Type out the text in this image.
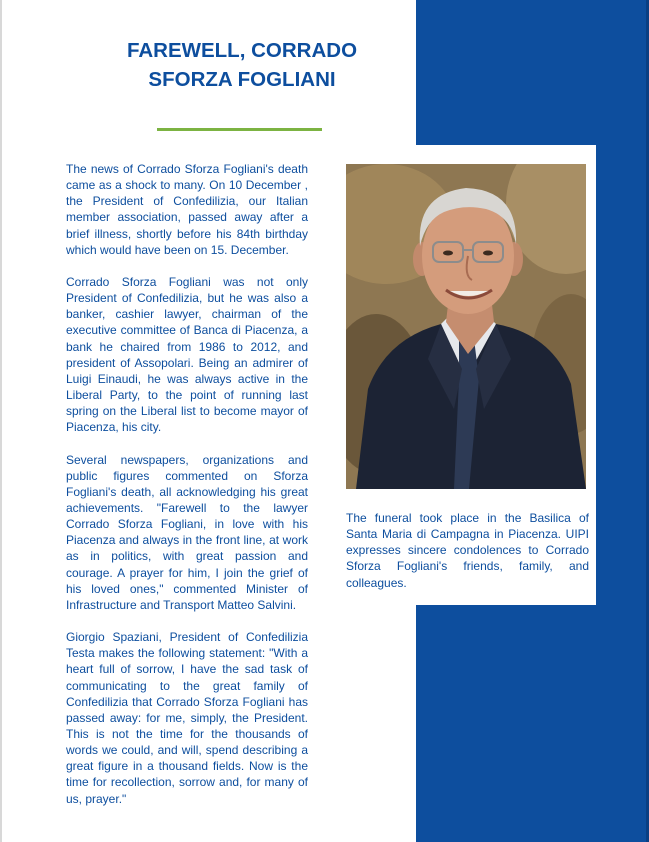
FAREWELL, CORRADO
SFORZA FOGLIANI

The news of Corrado Sforza Fogliani's death came as a shock to many. On 10 December , the President of Confedilizia, our Italian member association, passed away after a brief illness, shortly before his 84th birthday which would have been on 15. December.

Corrado Sforza Fogliani was not only President of Confedilizia, but he was also a banker, cashier lawyer, chairman of the executive committee of Banca di Piacenza, a bank he chaired from 1986 to 2012, and president of Assopolari. Being an admirer of Luigi Einaudi, he was always active in the Liberal Party, to the point of running last spring on the Liberal list to become mayor of Piacenza, his city.

Several newspapers, organizations and public figures commented on Sforza Fogliani's death, all acknowledging his great achievements. "Farewell to the lawyer Corrado Sforza Fogliani, in love with his Piacenza and always in the front line, at work as in politics, with great passion and courage. A prayer for him, I join the grief of his loved ones," commented Minister of Infrastructure and Transport Matteo Salvini.

Giorgio Spaziani, President of Confedilizia Testa makes the following statement: "With a heart full of sorrow, I have the sad task of communicating to the great family of Confedilizia that Corrado Sforza Fogliani has passed away: for me, simply, the President. This is not the time for the thousands of words we could, and will, spend describing a great figure in a thousand fields. Now is the time for recollection, sorrow and, for many of us, prayer."

The funeral took place in the Basilica of Santa Maria di Campagna in Piacenza. UIPI expresses sincere condolences to Corrado Sforza Fogliani's friends, family, and colleagues.
